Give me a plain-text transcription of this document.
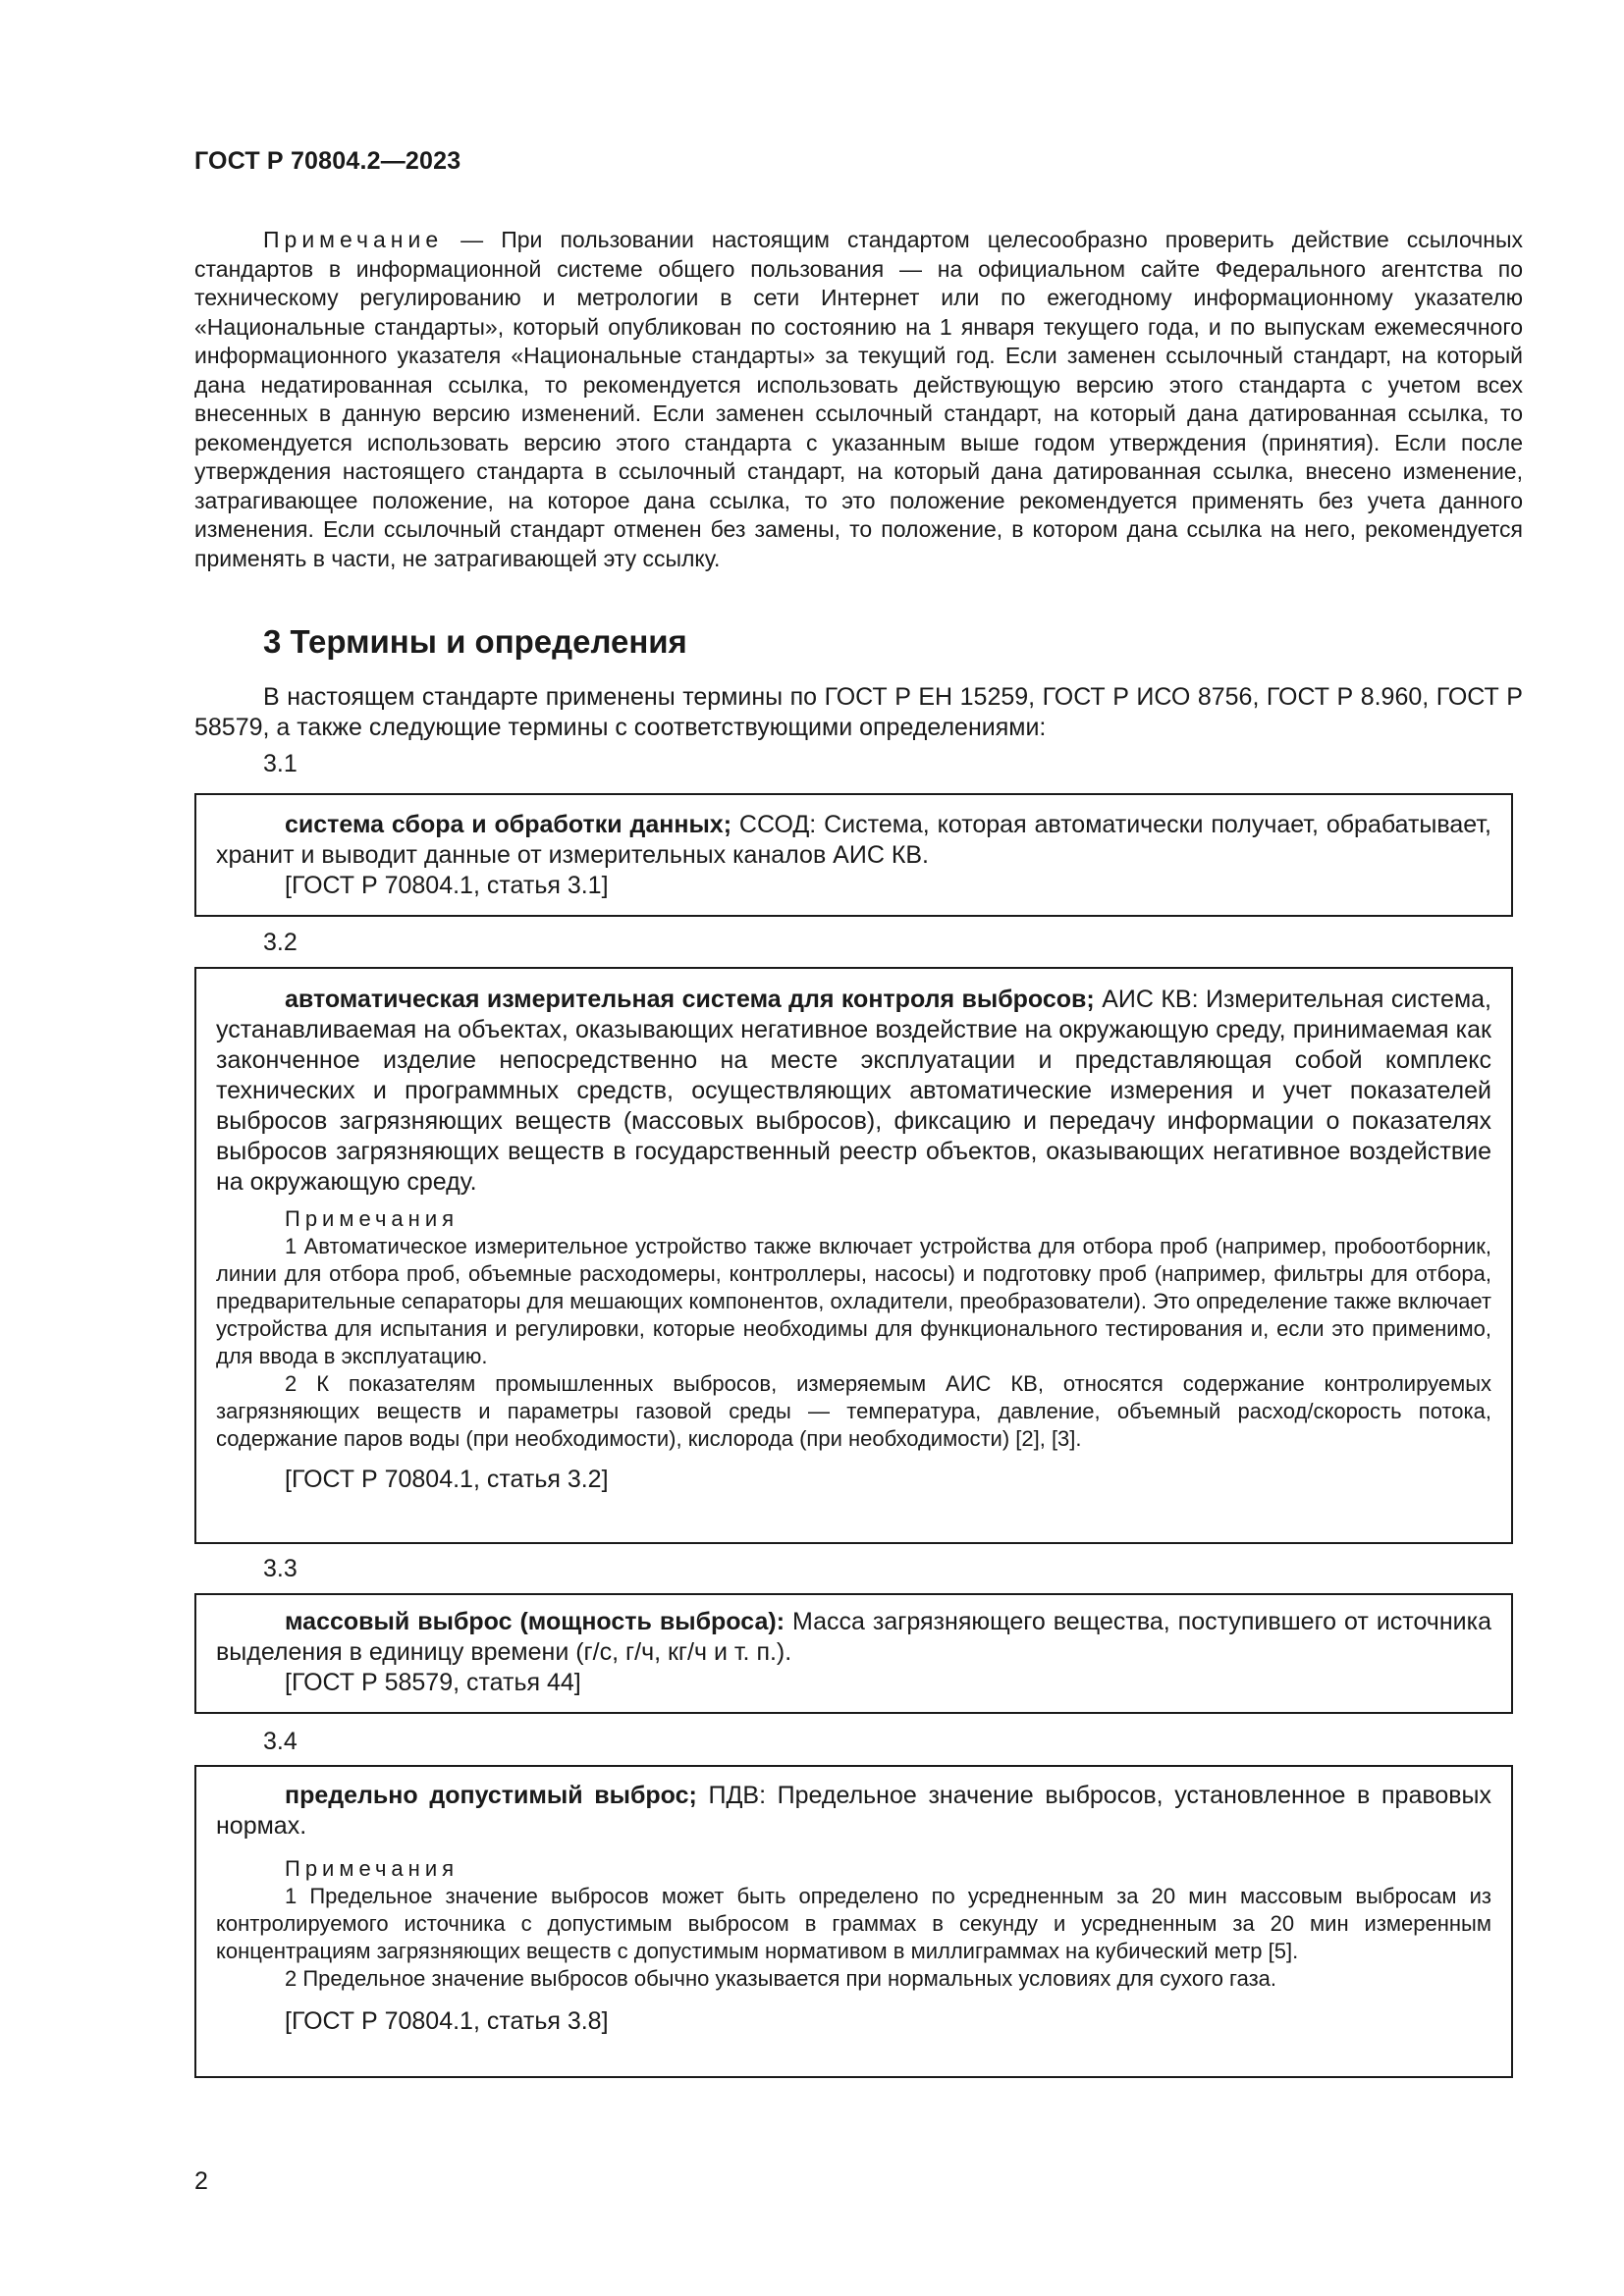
ГОСТ Р 70804.2—2023

Примечание — При пользовании настоящим стандартом целесообразно проверить действие ссылочных стандартов в информационной системе общего пользования — на официальном сайте Федерального агентства по техническому регулированию и метрологии в сети Интернет или по ежегодному информационному указателю «Национальные стандарты», который опубликован по состоянию на 1 января текущего года, и по выпускам ежемесячного информационного указателя «Национальные стандарты» за текущий год. Если заменен ссылочный стандарт, на который дана недатированная ссылка, то рекомендуется использовать действующую версию этого стандарта с учетом всех внесенных в данную версию изменений. Если заменен ссылочный стандарт, на который дана датированная ссылка, то рекомендуется использовать версию этого стандарта с указанным выше годом утверждения (принятия). Если после утверждения настоящего стандарта в ссылочный стандарт, на который дана датированная ссылка, внесено изменение, затрагивающее положение, на которое дана ссылка, то это положение рекомендуется применять без учета данного изменения. Если ссылочный стандарт отменен без замены, то положение, в котором дана ссылка на него, рекомендуется применять в части, не затрагивающей эту ссылку.

3 Термины и определения

В настоящем стандарте применены термины по ГОСТ Р ЕН 15259, ГОСТ Р ИСО 8756, ГОСТ Р 8.960, ГОСТ Р 58579, а также следующие термины с соответствующими определениями:

3.1

система сбора и обработки данных; ССОД: Система, которая автоматически получает, обрабатывает, хранит и выводит данные от измерительных каналов АИС КВ.

[ГОСТ Р 70804.1, статья 3.1]

3.2

автоматическая измерительная система для контроля выбросов; АИС КВ: Измерительная система, устанавливаемая на объектах, оказывающих негативное воздействие на окружающую среду, принимаемая как законченное изделие непосредственно на месте эксплуатации и представляющая собой комплекс технических и программных средств, осуществляющих автоматические измерения и учет показателей выбросов загрязняющих веществ (массовых выбросов), фиксацию и передачу информации о показателях выбросов загрязняющих веществ в государственный реестр объектов, оказывающих негативное воздействие на окружающую среду.

Примечания

1 Автоматическое измерительное устройство также включает устройства для отбора проб (например, пробоотборник, линии для отбора проб, объемные расходомеры, контроллеры, насосы) и подготовку проб (например, фильтры для отбора, предварительные сепараторы для мешающих компонентов, охладители, преобразователи). Это определение также включает устройства для испытания и регулировки, которые необходимы для функционального тестирования и, если это применимо, для ввода в эксплуатацию.

2 К показателям промышленных выбросов, измеряемым АИС КВ, относятся содержание контролируемых загрязняющих веществ и параметры газовой среды — температура, давление, объемный расход/скорость потока, содержание паров воды (при необходимости), кислорода (при необходимости) [2], [3].

[ГОСТ Р 70804.1, статья 3.2]

3.3

массовый выброс (мощность выброса): Масса загрязняющего вещества, поступившего от источника выделения в единицу времени (г/с, г/ч, кг/ч и т. п.).

[ГОСТ Р 58579, статья 44]

3.4

предельно допустимый выброс; ПДВ: Предельное значение выбросов, установленное в правовых нормах.

Примечания

1 Предельное значение выбросов может быть определено по усредненным за 20 мин массовым выбросам из контролируемого источника с допустимым выбросом в граммах в секунду и усредненным за 20 мин измеренным концентрациям загрязняющих веществ с допустимым нормативом в миллиграммах на кубический метр [5].

2 Предельное значение выбросов обычно указывается при нормальных условиях для сухого газа.

[ГОСТ Р 70804.1, статья 3.8]

2
